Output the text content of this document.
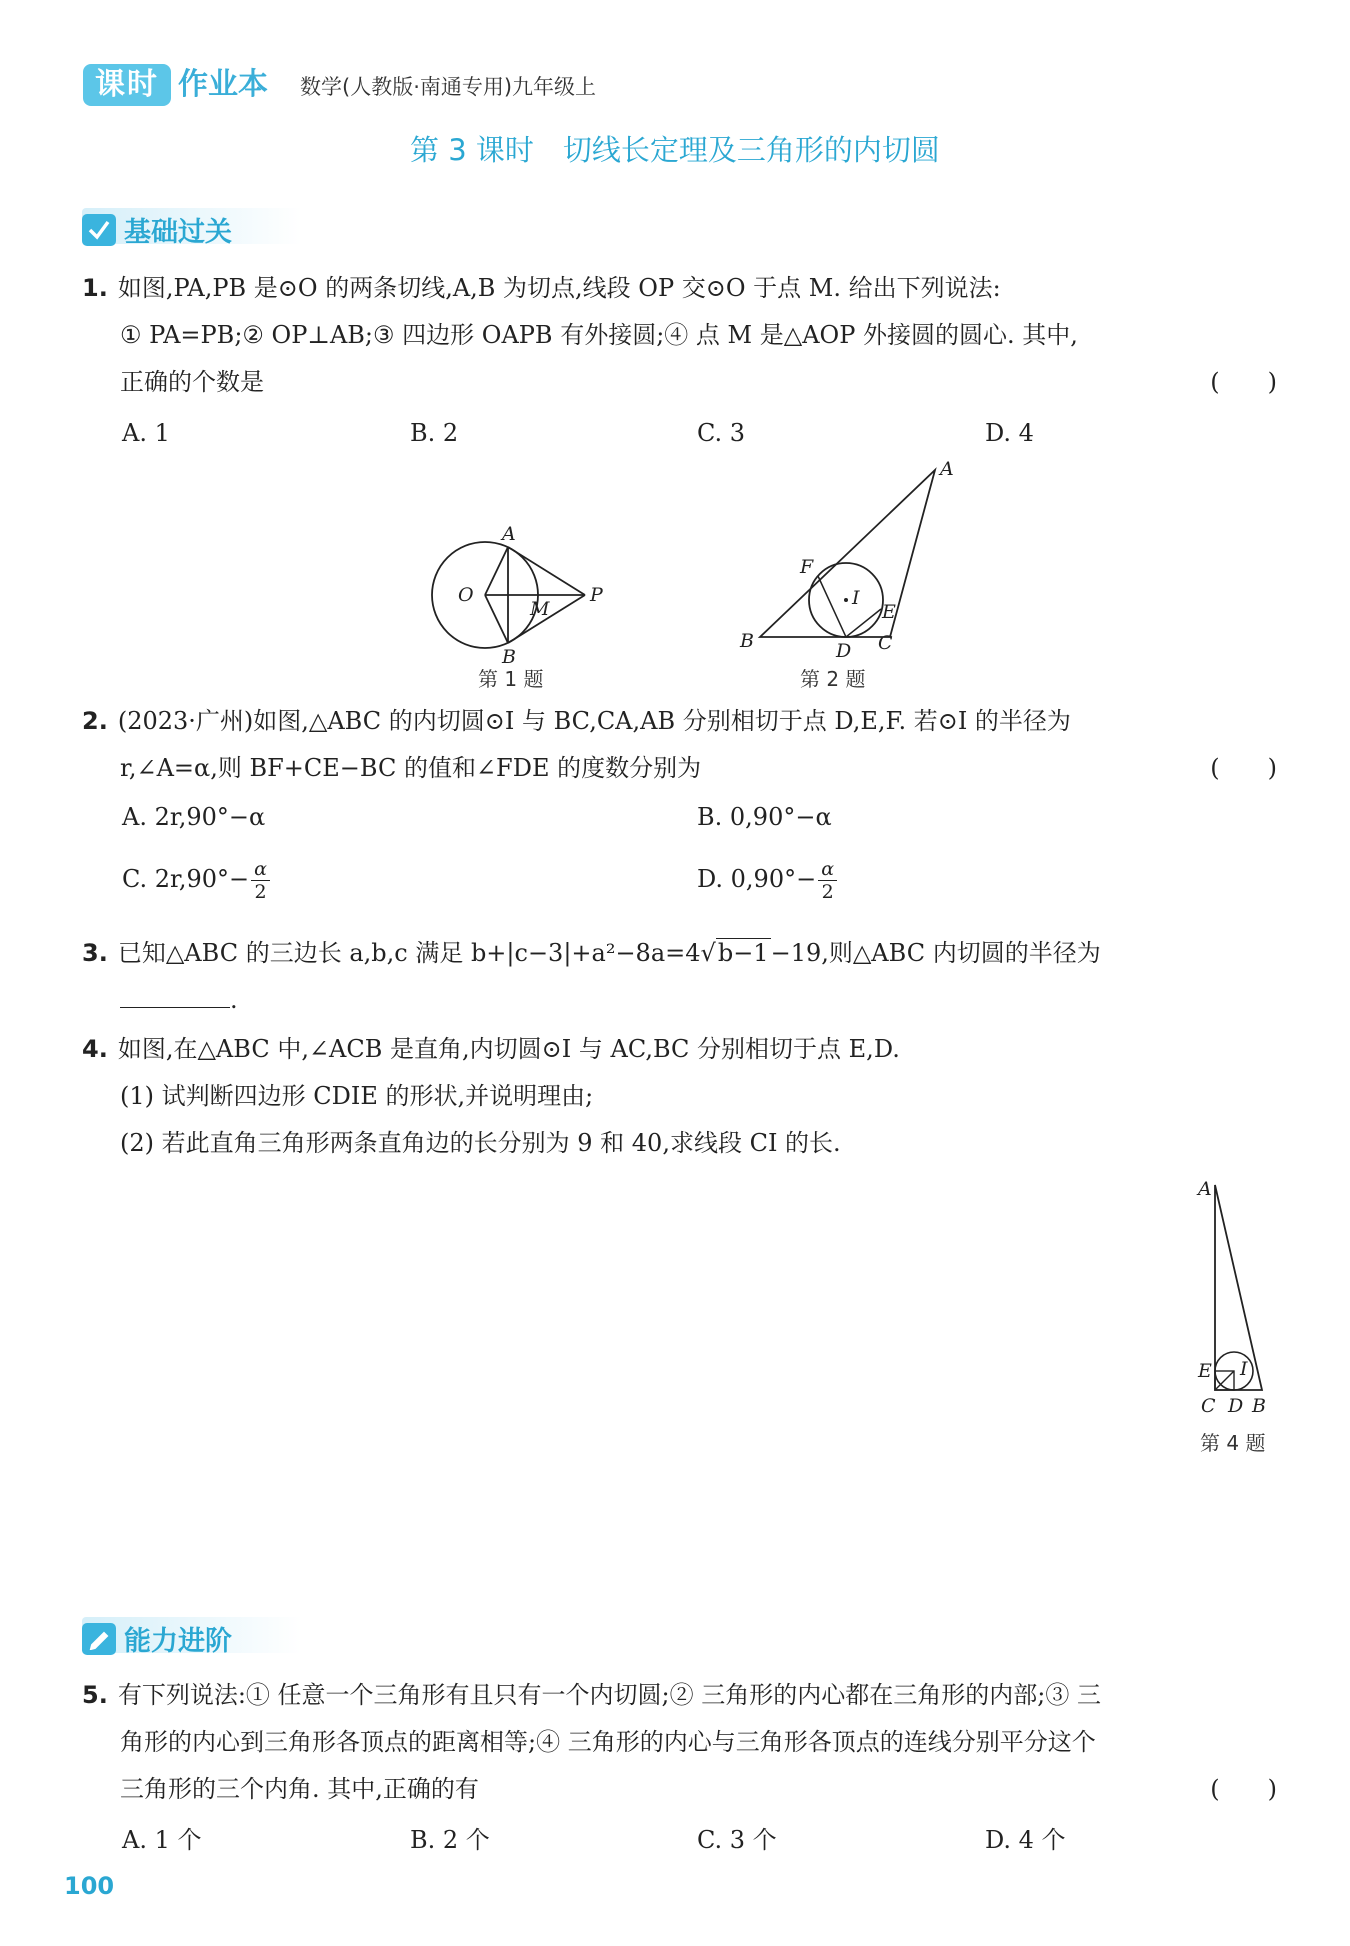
课时 作业本 数学(人教版·南通专用)九年级上
第 3 课时　切线长定理及三角形的内切圆
基础过关
1. 如图,PA,PB 是⊙O 的两条切线,A,B 为切点,线段 OP 交⊙O 于点 M. 给出下列说法:
① PA=PB;② OP⊥AB;③ 四边形 OAPB 有外接圆;④ 点 M 是△AOP 外接圆的圆心. 其中,
正确的个数是	(　　)
A. 1	B. 2	C. 3	D. 4
A
B
O
M
P
第 1 题
A
B	C
D
E
F
I
第 2 题
2. (2023·广州)如图,△ABC 的内切圆⊙I 与 BC,CA,AB 分别相切于点 D,E,F. 若⊙I 的半径为
r,∠A=α,则 BF+CE−BC 的值和∠FDE 的度数分别为	(　　)
A. 2r,90°−α	B. 0,90°−α
C. $2r,90^\circ- \frac{\alpha}{2}$	D. $0,90^\circ- \frac{\alpha}{2}$
3. 已知△ABC 的三边长 a,b,c 满足 b+|c−3|+a²−8a=4√b−1−19,则△ABC 内切圆的半径为
.
4. 如图,在△ABC 中,∠ACB 是直角,内切圆⊙I 与 AC,BC 分别相切于点 E,D.
(1) 试判断四边形 CDIE 的形状,并说明理由;
(2) 若此直角三角形两条直角边的长分别为 9 和 40,求线段 CI 的长.
A
E I
C D B
第 4 题
能力进阶
5. 有下列说法:① 任意一个三角形有且只有一个内切圆;② 三角形的内心都在三角形的内部;③ 三
角形的内心到三角形各顶点的距离相等;④ 三角形的内心与三角形各顶点的连线分别平分这个
三角形的三个内角. 其中,正确的有	(　　)
A. 1 个	B. 2 个	C. 3 个	D. 4 个
100
